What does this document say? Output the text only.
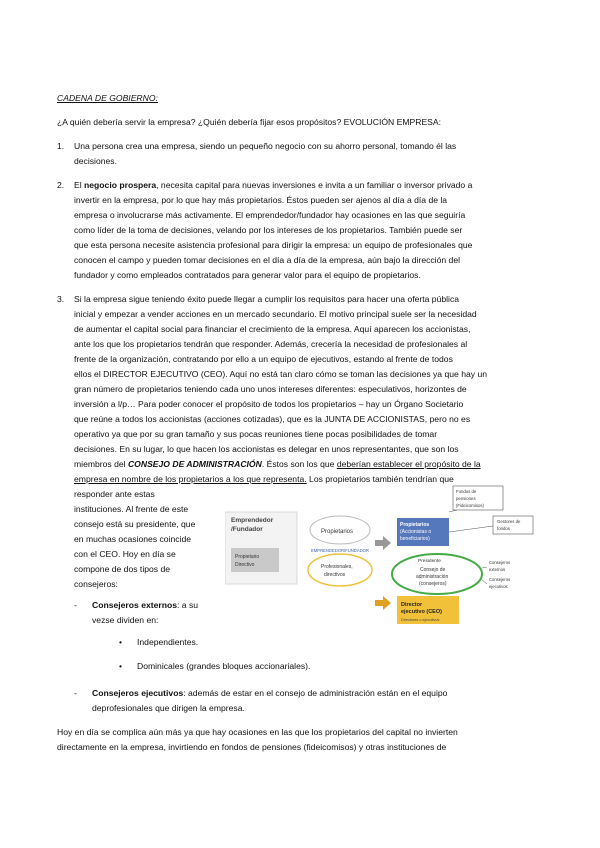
CADENA DE GOBIERNO:
¿A quién debería servir la empresa? ¿Quién debería fijar esos propósitos? EVOLUCIÓN EMPRESA:
1. Una persona crea una empresa, siendo un pequeño negocio con su ahorro personal, tomando él las
decisiones.
2. El negocio prospera, necesita capital para nuevas inversiones e invita a un familiar o inversor privado a
invertir en la empresa, por lo que hay más propietarios. Éstos pueden ser ajenos al día a día de la
empresa o involucrarse más activamente. El emprendedor/fundador hay ocasiones en las que seguiría
como líder de la toma de decisiones, velando por los intereses de los propietarios. También puede ser
que esta persona necesite asistencia profesional para dirigir la empresa: un equipo de profesionales que
conocen el campo y pueden tomar decisiones en el día a día de la empresa, aún bajo la dirección del
fundador y como empleados contratados para generar valor para el equipo de propietarios.
3. Si la empresa sigue teniendo éxito puede llegar a cumplir los requisitos para hacer una oferta pública
inicial y empezar a vender acciones en un mercado secundario. El motivo principal suele ser la necesidad
de aumentar el capital social para financiar el crecimiento de la empresa. Aquí aparecen los accionistas,
ante los que los propietarios tendrán que responder. Además, crecería la necesidad de profesionales al
frente de la organización, contratando por ello a un equipo de ejecutivos, estando al frente de todos
ellos el DIRECTOR EJECUTIVO (CEO). Aquí no está tan claro cómo se toman las decisiones ya que hay un
gran número de propietarios teniendo cada uno unos intereses diferentes: especulativos, horizontes de
inversión a l/p… Para poder conocer el propósito de todos los propietarios – hay un Órgano Societario
que reúne a todos los accionistas (acciones cotizadas), que es la JUNTA DE ACCIONISTAS, pero no es
operativo ya que por su gran tamaño y sus pocas reuniones tiene pocas posibilidades de tomar
decisiones. En su lugar, lo que hacen los accionistas es delegar en unos representantes, que son los
miembros del CONSEJO DE ADMINISTRACIÓN. Éstos son los que deberían establecer el propósito de la
empresa en nombre de los propietarios a los que representa. Los propietarios también tendrían que
responder ante estas
instituciones. Al frente de este
consejo está su presidente, que
en muchas ocasiones coincide
con el CEO. Hoy en día se
compone de dos tipos de
consejeros:
- Consejeros externos: a su
vezse dividen en:
• Independientes.
• Dominicales (grandes bloques accionariales).
- Consejeros ejecutivos: además de estar en el consejo de administración están en el equipo
deprofesionales que dirigen la empresa.
Hoy en día se complica aún más ya que hay ocasiones en las que los propietarios del capital no invierten
directamente en la empresa, invirtiendo en fondos de pensiones (fideicomisos) y otras instituciones de
Emprendedor
/Fundador
Propietario
Directivo
Propietarios
EMPRENDEDOR/FUNDADOR
Profesionales,
directivos
Propietarios
(Accionistas o
beneficiarios)
Fondos de
pensiones
(Fideicomisos)
Gestores de
fondos
Presidente
Consejo de
administración
(consejeros)
Consejeros
externos
Consejeros
ejecutivos
Director
ejecutivo (CEO)
Directores o ejecutivos
